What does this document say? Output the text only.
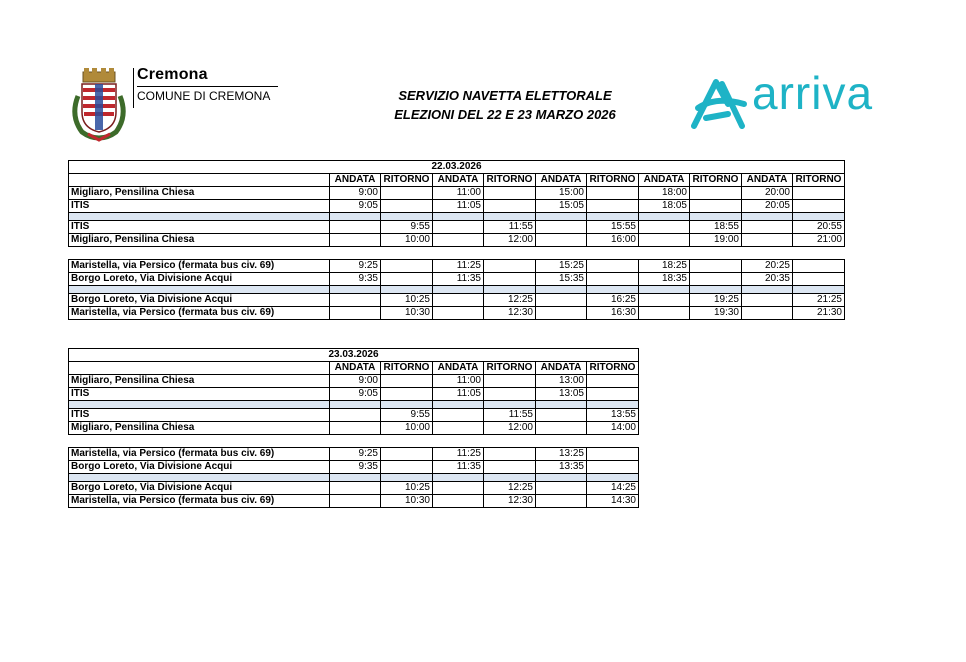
Cremona
COMUNE DI CREMONA	SERVIZIO NAVETTA ELETTORALE
ELEZIONI DEL 22 E 23 MARZO 2026	arriva
22.03.2026										
	ANDATA	RITORNO	ANDATA	RITORNO	ANDATA	RITORNO	ANDATA	RITORNO	ANDATA	RITORNO
Migliaro, Pensilina Chiesa	9:00		11:00		15:00		18:00		20:00	
ITIS	9:05		11:05		15:05		18:05		20:05	

ITIS		9:55		11:55		15:55		18:55		20:55
Migliaro, Pensilina Chiesa		10:00		12:00		16:00		19:00		21:00

Maristella, via Persico (fermata bus civ. 69)	9:25		11:25		15:25		18:25		20:25	
Borgo Loreto, Via Divisione Acqui	9:35		11:35		15:35		18:35		20:35	

Borgo Loreto, Via Divisione Acqui		10:25		12:25		16:25		19:25		21:25
Maristella, via Persico (fermata bus civ. 69)		10:30		12:30		16:30		19:30		21:30
23.03.2026						
	ANDATA	RITORNO	ANDATA	RITORNO	ANDATA	RITORNO
Migliaro, Pensilina Chiesa	9:00		11:00		13:00	
ITIS	9:05		11:05		13:05	

ITIS		9:55		11:55		13:55
Migliaro, Pensilina Chiesa		10:00		12:00		14:00

Maristella, via Persico (fermata bus civ. 69)	9:25		11:25		13:25	
Borgo Loreto, Via Divisione Acqui	9:35		11:35		13:35	

Borgo Loreto, Via Divisione Acqui		10:25		12:25		14:25
Maristella, via Persico (fermata bus civ. 69)		10:30		12:30		14:30
